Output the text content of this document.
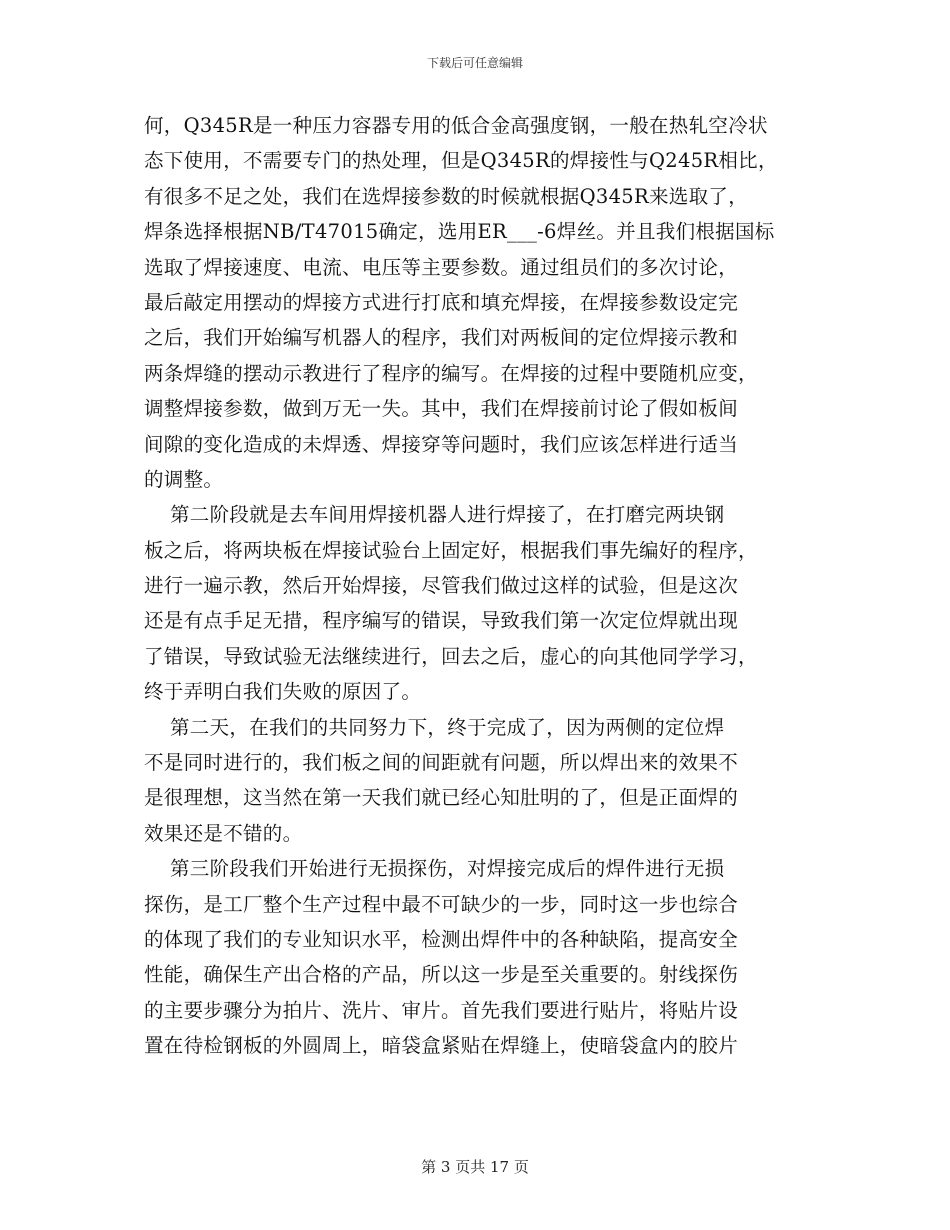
下载后可任意编辑
何，Q345R是一种压力容器专用的低合金高强度钢，一般在热轧空冷状
态下使用，不需要专门的热处理，但是Q345R的焊接性与Q245R相比，
有很多不足之处，我们在选焊接参数的时候就根据Q345R来选取了，
焊条选择根据NB/T47015确定，选用ER___-6焊丝。并且我们根据国标
选取了焊接速度、电流、电压等主要参数。通过组员们的多次讨论，
最后敲定用摆动的焊接方式进行打底和填充焊接，在焊接参数设定完
之后，我们开始编写机器人的程序，我们对两板间的定位焊接示教和
两条焊缝的摆动示教进行了程序的编写。在焊接的过程中要随机应变，
调整焊接参数，做到万无一失。其中，我们在焊接前讨论了假如板间
间隙的变化造成的未焊透、焊接穿等问题时，我们应该怎样进行适当
的调整。
第二阶段就是去车间用焊接机器人进行焊接了，在打磨完两块钢
板之后，将两块板在焊接试验台上固定好，根据我们事先编好的程序，
进行一遍示教，然后开始焊接，尽管我们做过这样的试验，但是这次
还是有点手足无措，程序编写的错误，导致我们第一次定位焊就出现
了错误，导致试验无法继续进行，回去之后，虚心的向其他同学学习，
终于弄明白我们失败的原因了。
第二天，在我们的共同努力下，终于完成了，因为两侧的定位焊
不是同时进行的，我们板之间的间距就有问题，所以焊出来的效果不
是很理想，这当然在第一天我们就已经心知肚明的了，但是正面焊的
效果还是不错的。
第三阶段我们开始进行无损探伤，对焊接完成后的焊件进行无损
探伤，是工厂整个生产过程中最不可缺少的一步，同时这一步也综合
的体现了我们的专业知识水平，检测出焊件中的各种缺陷，提高安全
性能，确保生产出合格的产品，所以这一步是至关重要的。射线探伤
的主要步骤分为拍片、洗片、审片。首先我们要进行贴片，将贴片设
置在待检钢板的外圆周上，暗袋盒紧贴在焊缝上，使暗袋盒内的胶片
第 3 页共 17 页
